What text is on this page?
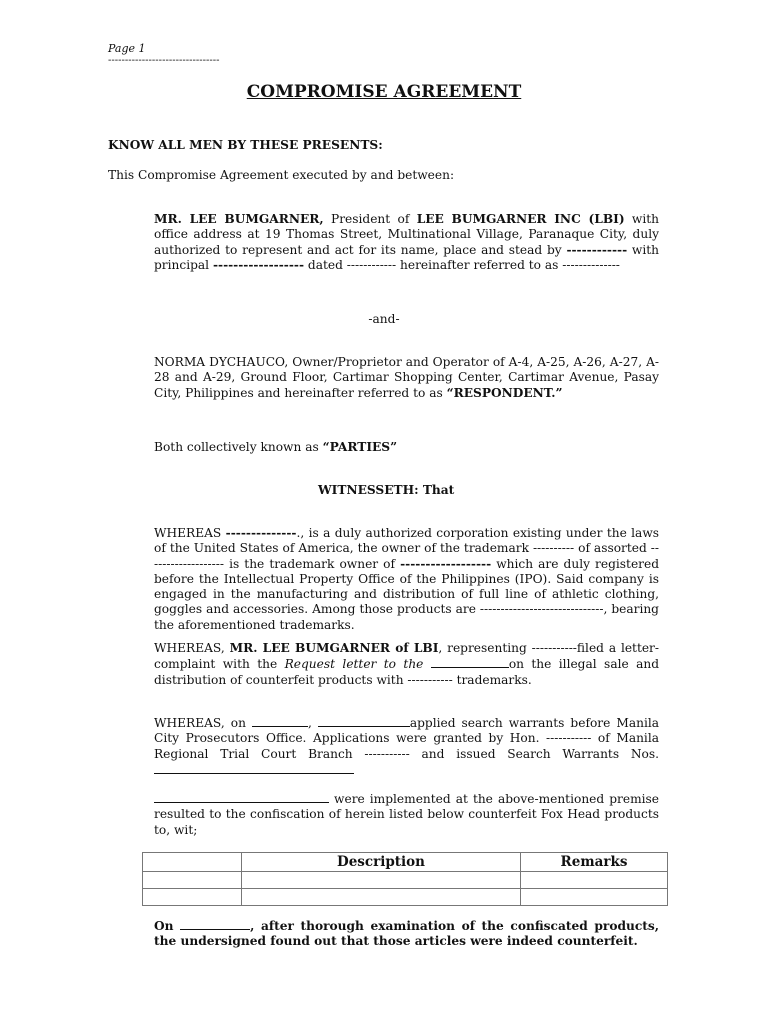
Page 1
---------------------------------
COMPROMISE AGREEMENT
KNOW ALL MEN BY THESE PRESENTS:
This Compromise Agreement executed by and between:
MR. LEE BUMGARNER, President of LEE BUMGARNER INC (LBI) with office address at 19 Thomas Street, Multinational Village, Paranaque City, duly authorized to represent and act for its name, place and stead by ------------ with principal ------------------ dated ------------ hereinafter referred to as --------------
-and-
NORMA DYCHAUCO, Owner/Proprietor and Operator of A-4, A-25, A-26, A-27, A-28 and A-29, Ground Floor, Cartimar Shopping Center, Cartimar Avenue, Pasay City, Philippines and hereinafter referred to as “RESPONDENT.”
Both collectively known as “PARTIES”
WITNESSETH: That
WHEREAS --------------., is a duly authorized corporation existing under the laws of the United States of America, the owner of the trademark ---------- of assorted ------------------- is the trademark owner of ------------------ which are duly registered before the Intellectual Property Office of the Philippines (IPO). Said company is engaged in the manufacturing and distribution of full line of athletic clothing, goggles and accessories. Among those products are ------------------------------, bearing the aforementioned trademarks.
WHEREAS, MR. LEE BUMGARNER of LBI, representing -----------filed a letter-complaint with the Request letter to the	on the illegal sale and distribution of counterfeit products with ----------- trademarks.
WHEREAS, on	,	applied search warrants before Manila City Prosecutors Office. Applications were granted by Hon. ----------- of Manila Regional Trial Court Branch ----------- and issued Search Warrants Nos.
were implemented at the above-mentioned premise resulted to the confiscation of herein listed below counterfeit Fox Head products to, wit;
	Description	Remarks

On	, after thorough examination of the confiscated products, the undersigned found out that those articles were indeed counterfeit.
